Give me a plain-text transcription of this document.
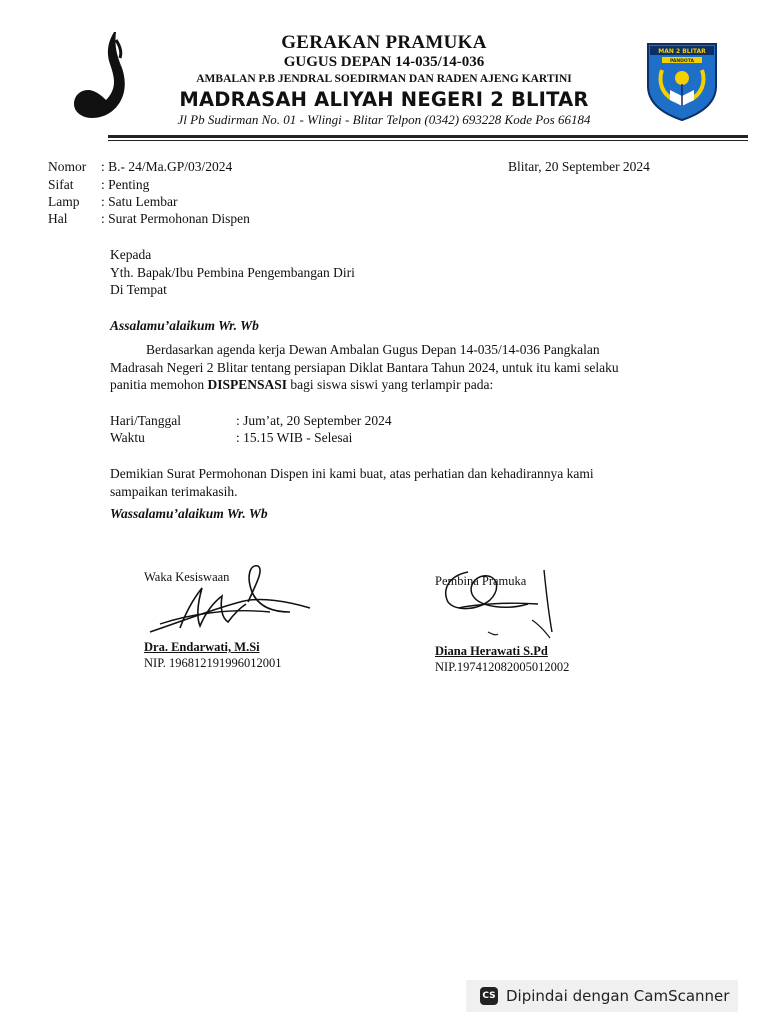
MAN 2 BLITAR
PANDOTA
GERAKAN PRAMUKA
GUGUS DEPAN 14-035/14-036
AMBALAN P.B JENDRAL SOEDIRMAN DAN RADEN AJENG KARTINI
MADRASAH ALIYAH NEGERI 2 BLITAR
Jl Pb Sudirman No. 01 - Wlingi - Blitar Telpon (0342) 693228 Kode Pos 66184
Nomor	: B.- 24/Ma.GP/03/2024	Blitar, 20 September 2024
Sifat	: Penting
Lamp	: Satu Lembar
Hal	: Surat Permohonan Dispen
Kepada
Yth. Bapak/Ibu Pembina Pengembangan Diri
Di Tempat
Assalamu’alaikum Wr. Wb
Berdasarkan agenda kerja Dewan Ambalan Gugus Depan 14-035/14-036 Pangkalan
Madrasah Negeri 2 Blitar tentang persiapan Diklat Bantara Tahun 2024, untuk itu kami selaku
panitia memohon DISPENSASI bagi siswa siswi yang terlampir pada:
Hari/Tanggal	: Jum’at, 20 September 2024
Waktu	: 15.15 WIB - Selesai
Demikian Surat Permohonan Dispen ini kami buat, atas perhatian dan kehadirannya kami
sampaikan terimakasih.
Wassalamu’alaikum Wr. Wb
Waka Kesiswaan
Dra. Endarwati, M.Si
NIP. 196812191996012001
Pembina Pramuka
Diana Herawati S.Pd
NIP.197412082005012002
CS Dipindai dengan CamScanner
